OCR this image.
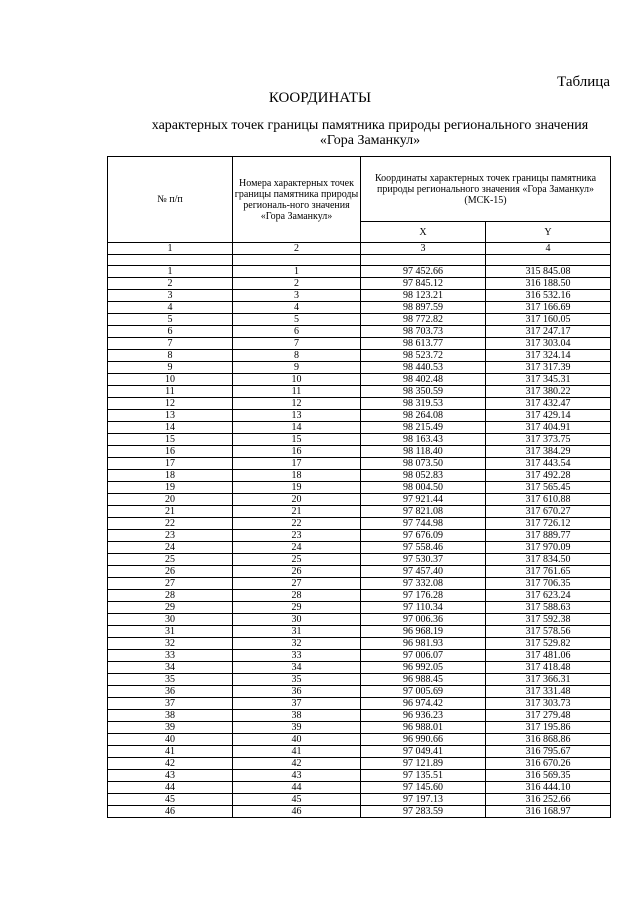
Таблица
КООРДИНАТЫ
характерных точек границы памятника природы регионального значения
«Гора Заманкул»
№ п/п	Номера характерных точек границы памятника природы региональ-ного значения «Гора Заманкул»	Координаты характерных точек границы памятника природы регионального значения «Гора Заманкул» (МСК-15)	
		X	Y
1	2	3	4

1	1	97 452.66	315 845.08
2	2	97 845.12	316 188.50
3	3	98 123.21	316 532.16
4	4	98 897.59	317 166.69
5	5	98 772.82	317 160.05
6	6	98 703.73	317 247.17
7	7	98 613.77	317 303.04
8	8	98 523.72	317 324.14
9	9	98 440.53	317 317.39
10	10	98 402.48	317 345.31
11	11	98 350.59	317 380.22
12	12	98 319.53	317 432.47
13	13	98 264.08	317 429.14
14	14	98 215.49	317 404.91
15	15	98 163.43	317 373.75
16	16	98 118.40	317 384.29
17	17	98 073.50	317 443.54
18	18	98 052.83	317 492.28
19	19	98 004.50	317 565.45
20	20	97 921.44	317 610.88
21	21	97 821.08	317 670.27
22	22	97 744.98	317 726.12
23	23	97 676.09	317 889.77
24	24	97 558.46	317 970.09
25	25	97 530.37	317 834.50
26	26	97 457.40	317 761.65
27	27	97 332.08	317 706.35
28	28	97 176.28	317 623.24
29	29	97 110.34	317 588.63
30	30	97 006.36	317 592.38
31	31	96 968.19	317 578.56
32	32	96 981.93	317 529.82
33	33	97 006.07	317 481.06
34	34	96 992.05	317 418.48
35	35	96 988.45	317 366.31
36	36	97 005.69	317 331.48
37	37	96 974.42	317 303.73
38	38	96 936.23	317 279.48
39	39	96 988.01	317 195.86
40	40	96 990.66	316 868.86
41	41	97 049.41	316 795.67
42	42	97 121.89	316 670.26
43	43	97 135.51	316 569.35
44	44	97 145.60	316 444.10
45	45	97 197.13	316 252.66
46	46	97 283.59	316 168.97
